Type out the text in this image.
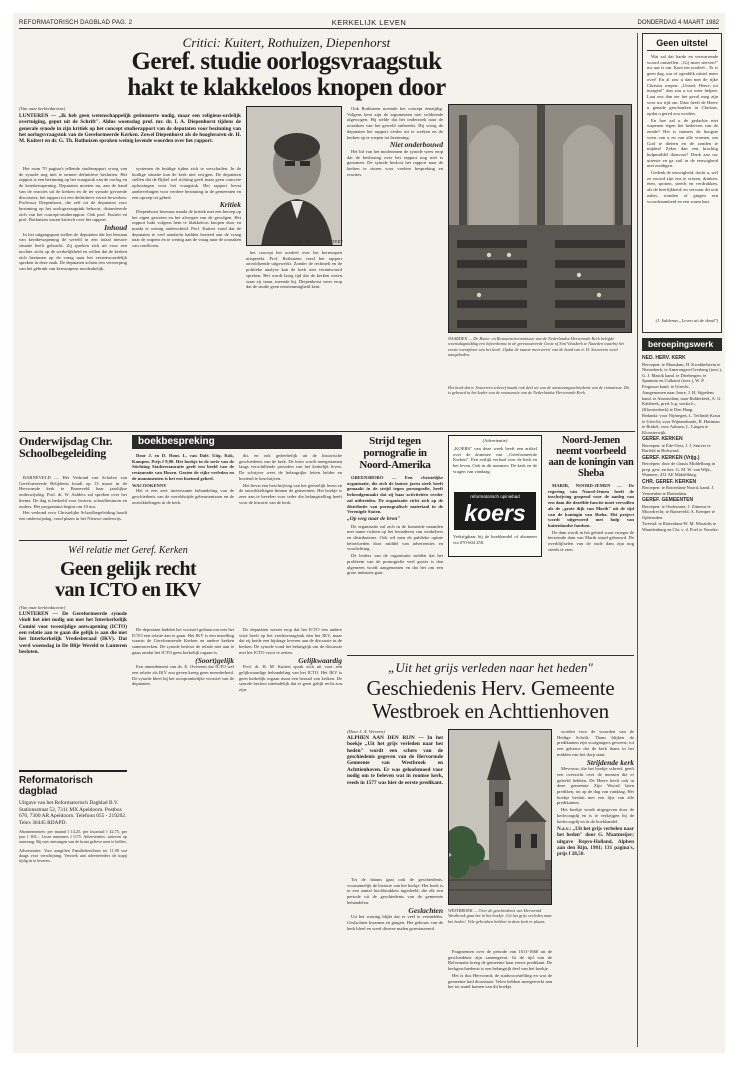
REFORMATORISCH DAGBLAD PAG. 2	KERKELIJK LEVEN	DONDERDAG 4 MAART 1982
Critici: Kuitert, Rothuizen, Diepenhorst
Geref. studie oorlogsvraagstuk
hakt te klakkeloos knopen door
(Van onze kerkredacteur)
LUNTEREN — „Ik heb geen wetenschappelijk getimmerte nodig, maar een religieus-ordelijk overtuiging, geput uit de Schrift". Aldus woensdag prof. mr. dr. I. A. Diepenhorst tijdens de generale synode in zijn kritiek op het concept studierapport van de deputaten voor bezinning van het oorlogsvraagstuk van de Gereformeerde Kerken. Zowel Diepenhorst als de hoogleraren dr. H. M. Kuitert en dr. G. Th. Rothuizen spraken weinig lovende woorden over het rapport.

Het ruim 70 pagina's tellende studierapport vroeg van de synode nog niet te nemen definitieve besluiten. Het rapport is een bezinning op het vraagstuk van de oorlog en de kernbewapening. Deputaten moeten nu, aan de hand van de reacties uit de kerken en de ter synode gevoerde discussies, het rapport tot een definitieve versie bewerken. Professor Diepenhorst, die zelf tot de deputaten voor bezinning op het oorlogsvraagstuk behoort, distantieerde zich van het concept-studierapport. Ook prof. Kuitert en prof. Rothuizen waren kritisch over het rapport.

Inhoud

In het uitgangspunt stellen de deputaten dat het bestaan van kernbewapening de wereld in een totaal nieuwe situatie heeft gebracht. Zij spreken zich uit voor een nuchter zicht op de werkelijkheid en willen dat de kerken zich bezinnen op de vraag naar het verantwoordelijk spreken in deze zaak. De deputaten achten een verwerping van het gebruik van kernwapens noodzakelijk.

systemen de huidige tijden zich te verschuilen. In de huidige situatie kan de kerk niet zwijgen. De deputaten stellen dat de Bijbel wel richting geeft maar geen concrete oplossingen voor het vraagstuk. Het rapport bevat aanbevelingen voor verdere bezinning in de gemeenten en een oproep tot gebed.

Kritiek

Diepenhorst bezwaar maakt de kritiek met een beroep op het eigen geweten en het afwegen van de gevolgen. Het rapport hakt volgens hem te klakkeloos knopen door en maakt te weinig onderscheid. Prof. Kuitert vond dat de deputaten te veel aandacht hadden besteed aan de vraag naar de wapens en te weinig aan de vraag naar de oorzaken van conflicten.

PROF. DR. H. M. KUITERT

het concept het oordeel over het kernwapen uitspreekt. Prof. Rothuizen vond het rapport onvoldoende uitgewerkt. Zonder de techniek en de politieke analyse kan de kerk niet verantwoord spreken. Het wordt hoog tijd dat de kerken weten waar zij staan, meende hij. Diepenhorst wees erop dat de studie geen eenstemmigheid kent.

Ook Rothuizen noemde het concept eenzijdig. Volgens hem zijn de argumenten niet voldoende afgewogen. Hij stelde dat het onderzoek naar de oorzaken van het geweld ontbreekt. Hij vroeg de deputaten het rapport verder uit te werken en de kerken op te roepen tot bezinning.

Niet onderbouwd

Het lid van het moderamen de synode wees erop dat de beslissing over het rapport nog niet is genomen. De synode besloot het rapport naar de kerken te sturen voor verdere bespreking en reacties.

NAARDEN — De Bouw- en Restauratiecommissie van de Nederlandse Hervormde Kerk belegde woensdagmiddag een bijeenkomst in de gerestaureerde Grote of Sint Vituskerk te Naarden waarbij het eerste exemplaar van het boek ‚Opdat de naaste meerveren' van de hand van ir. H. Souverein werd aangeboden.
Het boek dat ir. Souverein schreef maakt ook deel uit van de ontstaansgeschiedenis van de commissie. Dit is gebeurd in het kader van de restauratie van de Nederlandse Hervormde Kerk.
Geen uitstel

Wat zal dat harde en verwarrende woord ontstellen: „Gij moet sterven!" uw uur is om. Kom ten oordeel... Er is geen dag, uur of ogenblik uitstel meer over! En al zou u dan met de rijke Christus roepen: „Uitstel, Heere, tot morgen!" dan zou u tot weer helpen. Laat ons dan eer het geval mag zijn voor uw tijd om. Daar heeft de Heere u genade geschonken in Christus, opdat u gered zou worden.

En hoe zal u de gedachte niet wapenen tegen het bederven van de zonde? Het is immers de hoogste wens van u en van alle vromen, om God te dienen en de zonden te mijden! Zeker dan een krachtig hulpmiddel daarvoor! Denk aan uw uiterste en ga zuil in de eeuwigheid niet zondigen.

Gedenk de eeuwigheid, dacht u, wel zo zouwd zijn ons te vrezen, drinken, eten, spotten, steeds en verdrukken, als de heerlijkheid; en verwaar dit ook zalen, stonden of gingen een woordzaamheid en een warm hart.

(J. Saldenus „Leven uit de dood")
beroepingswerk
NED. HERV. KERK
Beroepen: te Maasdam, H. Kwakkelstein te Nieuwkerk; te Amerongen-Overberg (toez.), G. J. Mastik kand. te Driebergen; te Spanium en Culhauri (toez.), W. P. Ferguson kand. te Utrecht.
Aangenomen naar Joure, J. H. Sijpelens kand. te Amsterdam; naar Ridderkerk, A. G. Kalsbeek, pred. b.g. werkz.h., (Kloosterkerk) te Den Haag.
Bedankt: voor Nijmegen, L. Terlinde Kraut te Utrecht; voor Wijnandsrade, B. Hartman te Brakel; voor Aalsum, L. Lingen te Kloosterwijk.
GEREF. KERKEN
Beroepen: te Ede-Oost, J. J. Stuiver te Barfeld in Bolsward.
GEREF. KERKEN (Vrijg.)
Beroepen: door de classis Middelburg in prep. gew. en bez. G. M. W. van Wijk, Wanneer, 431 AE Middelburg.
CHR. GEREF. KERKEN
Beroepen: te Rotterdam-Noord, kand. J. Vermeulen te Rotterdam.
GEREF. GEMEENTEN
Beroepen: te Oudewater, J. Zitmeur te Moordrecht; te Barneveld, A. Kemper te Opheusden.
Tweetal: te Rotterdam-W. M. Mostrdis te Waardenburg en Chr. v. d. Poel te Yerseke.
Onderwijsdag Chr. Schoolbegeleiding

BARNEVELD — Het Verbond van Scholen van Gereformeerde Belijdenis houdt op 13 maart in de Hervormde kerk te Barneveld haar jaarlijkse onderwijsdag. Prof. dr. W. Aalders zal spreken over het thema. De dag is bedoeld voor leraren, schoolbesturen en ouders. Het programma begint om 10 uur.

Het verbond voor Christelijke Schoolbegeleiding houdt een onderwijsdag, vond plaats in het Nieuwe onderwijs.

boekbespreking

Door J. en D. Hout. L. van Dalé. Uitg. Kok, Kampen. Prijs f 9,90. Het boekje in de serie van de Stichting Stadsrestauratie geeft een beeld van de restauratie van Hoorn. Gezien de rijke verleden en de monumenten is het een boeiend geheel.

WACOOKENNY

Het is een zeer interessante behandeling van de geschiedenis van de wereldwijde gebeurtenissen en de ontwikkelingen in de kerk.

dit, en ook gedeeltelijk uit de historische geschiedenis van de kerk. De lezer wordt meegenomen langs verschillende perioden van het kerkelijk leven. De schrijver weet de belangrijke feiten helder en boeiend te beschrijven.

Het bevat een beschrijving van het geestelijk leven en de ontwikkelingen binnen de gemeenten. Het boekje is zeer aan te bevelen voor ieder die belangstelling heeft voor de historie van de kerk.

Strijd tegen pornografie in Noord-Amerika

GREENSBORO — Een christelijke organisatie, die zich de laatste jaren sterk heeft gemaakt in de strijd tegen pornografie, heeft bekendgemaakt dat zij haar activiteiten verder zal uitbreiden. De organisatie richt zich op de distributie van pornografisch materiaal in de Verenigde Staten.

„Op weg naar de bron"

De organisatie zal zich in de komende maanden met name richten op het benaderen van winkeliers en distributeurs. Ook wil men de publieke opinie beïnvloeden door middel van advertenties en voorlichting.

De leiders van de organisatie stelden dat het probleem van de pornografie veel groter is dan algemeen wordt aangenomen en dat het om een grote industrie gaat.

(Advertentie)
„KOERS" van deze week heeft een artikel over de dominee van „Gereformeerde Kerken". Een eerlijk verhaal over de kerk en het leven. Ook in dit nummer: De kerk en de vragen van vandaag.
reformatorisch opiniebad
koers
Verkrijgbaar bij de boekhandel of abonneer via 070-604 250.
Noord-Jemen neemt voorbeeld aan de koningin van Sheba

MARIB, NOORD-JEMEN — De regering van Noord-Jemen heeft de inschrijving geopend voor de aanleg van een dam die dezelfde functie moet vervullen als de „grote dijk van Marib" uit de tijd van de koningin van Sheba. Het project wordt uitgevoerd met hulp van buitenlandse fondsen.

De dam wordt in het gebied waar vroeger de beroemde dam van Marib stond gebouwd. De overblijfselen van de oude dam zijn nog steeds te zien.

Wél relatie met Geref. Kerken
Geen gelijk recht
van ICTO en IKV
(Van onze kerkredacteur)
LUNTEREN — De Gereformeerde synode vindt het niet nodig om met het Interkerkelijk Comité voor tweezijdige ontwapening (ICTO) een relatie aan te gaan die gelijk is aan die met het Interkerkelijk Vredesberaad (IKV). Dat werd woensdag in De Blije Wereld te Lunteren besloten.

De deputaten hadden het voorstel gedaan om met het ICTO een relatie aan te gaan. Het IKV is een instelling waarin de Gereformeerde Kerken en andere kerken samenwerken. De synode besloot de relatie niet aan te gaan omdat het ICTO geen kerkelijk orgaan is.

(Soort)gelijk

Een amendement van ds. E. Overeem dat ICTO wel een relatie als IKV zou geven kreeg geen meerderheid. De synode bleef bij het oorspronkelijke voorstel van de deputaten.

De deputaten wezen erop dat het ICTO een andere visie heeft op het vredesvraagstuk dan het IKV, maar dat zij beide een bijdrage leveren aan de discussie in de kerken. De synode vond het belangrijk om de discussie met het ICTO voort te zetten.

Gelijkwaardig

Prof. dr. H. M. Kuitert sprak zich uit voor een gelijkwaardige behandeling van het ICTO. Het IKV is geen kerkelijk orgaan maar een beraad van kerken. De synode besloot uiteindelijk dat er geen gelijk recht zou zijn.

Reformatorisch
dagblad
Uitgave van het Reformatorisch Dagblad B.V. Stationsstraat 52, 7311 MX Apeldoorn. Postbus 670, 7300 AR Apeldoorn. Telefoon 055 - 219202. Telex 36445 RDAPD.
Abonnementen: per maand f 14,25, per kwartaal f 42,75, per jaar f 163,-. Losse nummers f 0,75. Advertenties: tarieven op aanvraag. Bij niet ontvangen van de krant gelieve men te bellen.
Advertenties: Voor aangiften Familieberichten tot 11.00 uur daags voor verschijning. Verzoek aan adverteerders de kopij tijdig in te leveren.
„Uit het grijs verleden naar het heden"
Geschiedenis Herv. Gemeente
Westbroek en Achttienhoven
(Door J. A. Verveen)
ALPHEN AAN DEN RIJN — In het boekje „Uit het grijs verleden naar het heden" wordt een schets van de geschiedenis gegeven van de Hervormde Gemeente van Westbroek en Achttienhoven. Er was geloofsmoed voor nodig om te beleven wat in roomse kerk, reeds in 1577 was hier de eerste predikant.

Tot de datum gaat ook de geschiedenis, voornamelijk de historie van het kerkje. Het boek is in een aantal hoofdstukken ingedeeld, die elk een periode uit de geschiedenis van de gemeente behandelen.

Geslachten

Uit het woning blijkt dat er veel te vermelden. Geslachten kwamen en gingen. Het gebouw van de kerk bleef en werd diverse malen gerestaureerd.

WESTBROEK — Over de geschiedenis van Hervormd Westbroek gaat het in het boekje ‚Uit het grijs verleden naar het heden'. Vele gebruiken hebben in deze kerk er plaats.

Fragmenten over de periode van 1611-1660 uit de geschiedenis zijn samengevat. In de tijd van de Reformatie kreeg de gemeente haar eerste predikant. De kerkgeschiedenis is een belangrijk deel van het boekje.

Het is dus Hervormd, de stadsvoorstelling en wat de gemeente had doorstaan. Velen hebben meegewerkt aan het tot stand komen van dit boekje.

worden voor de woorden van de Heilige Schrift. Thans blijken de predikanten zijn voorgangers geweest; tot een gebouw dat de kerk thans in het midden van het dorp staat.

Strijdende kerk

Mevrouw, die het boekje schreef, geeft een overzicht over de mensen die er geleefd hebben. De Heere heeft ook in deze gemeente Zijn Woord laten prediken, tot op de dag van vandaag. Het boekje besluit met een lijst van alle predikanten.

Het boekje wordt uitgegeven door de kerkvoogdij en is te verkrijgen bij de kerkvoogdij en in de boekhandel.

N.a.v.: „Uit het grijs verleden naar het heden" door G. Maatmeijer; uitgave Repro-Holland, Alphen aan den Rijn, 1981; 131 pagina's, prijs f 28,50.
